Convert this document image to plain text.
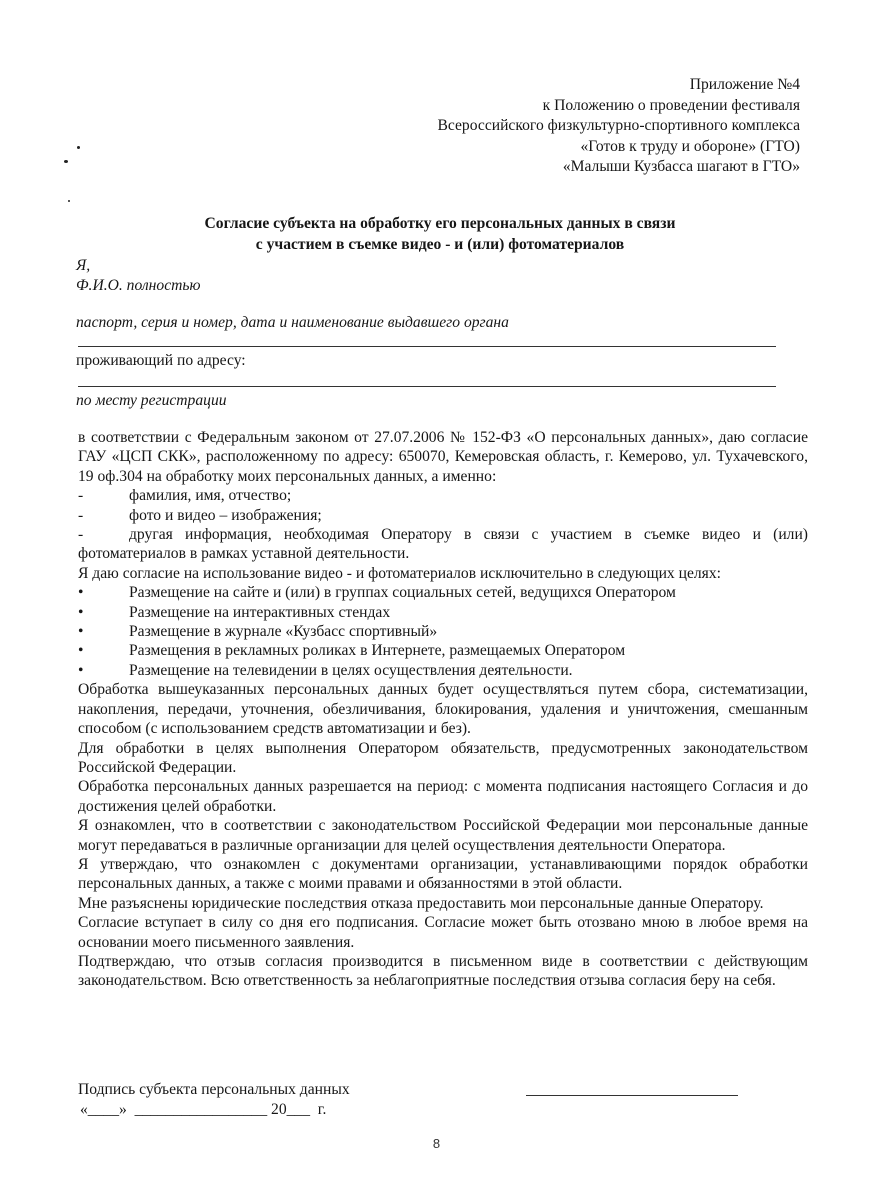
Приложение №4
к Положению о проведении фестиваля
Всероссийского физкультурно-спортивного комплекса
«Готов к труду и обороне» (ГТО)
«Малыши Кузбасса шагают в ГТО»
Согласие субъекта на обработку его персональных данных в связи
с участием в съемке видео - и (или) фотоматериалов
Я,
Ф.И.О. полностью
паспорт, серия и номер, дата и наименование выдавшего органа
проживающий по адресу:
по месту регистрации

в соответствии с Федеральным законом от 27.07.2006 № 152-ФЗ «О персональных данных», даю согласие ГАУ «ЦСП СКК», расположенному по адресу: 650070, Кемеровская область, г. Кемерово, ул. Тухачевского, 19 оф.304 на обработку моих персональных данных, а именно:

-	фамилия, имя, отчество;
-	фото и видео – изображения;
-	другая информация, необходимая Оператору в связи с участием в съемке видео и (или)

фотоматериалов в рамках уставной деятельности.

Я даю согласие на использование видео - и фотоматериалов исключительно в следующих целях:

•	Размещение на сайте и (или) в группах социальных сетей, ведущихся Оператором
•	Размещение на интерактивных стендах
•	Размещение в журнале «Кузбасс спортивный»
•	Размещения в рекламных роликах в Интернете, размещаемых Оператором
•	Размещение на телевидении в целях осуществления деятельности.

Обработка вышеуказанных персональных данных будет осуществляться путем сбора, систематизации, накопления, передачи, уточнения, обезличивания, блокирования, удаления и уничтожения, смешанным способом (с использованием средств автоматизации и без).

Для обработки в целях выполнения Оператором обязательств, предусмотренных законодательством Российской Федерации.

Обработка персональных данных разрешается на период: с момента подписания настоящего Согласия и до достижения целей обработки.

Я ознакомлен, что в соответствии с законодательством Российской Федерации мои персональные данные могут передаваться в различные организации для целей осуществления деятельности Оператора.

Я утверждаю, что ознакомлен с документами организации, устанавливающими порядок обработки персональных данных, а также с моими правами и обязанностями в этой области.

Мне разъяснены юридические последствия отказа предоставить мои персональные данные Оператору.

Согласие вступает в силу со дня его подписания. Согласие может быть отозвано мною в любое время на основании моего письменного заявления.

Подтверждаю, что отзыв согласия производится в письменном виде в соответствии с действующим законодательством. Всю ответственность за неблагоприятные последствия отзыва согласия беру на себя.

Подпись субъекта персональных данных
«____»  _________________ 20___  г.
8
